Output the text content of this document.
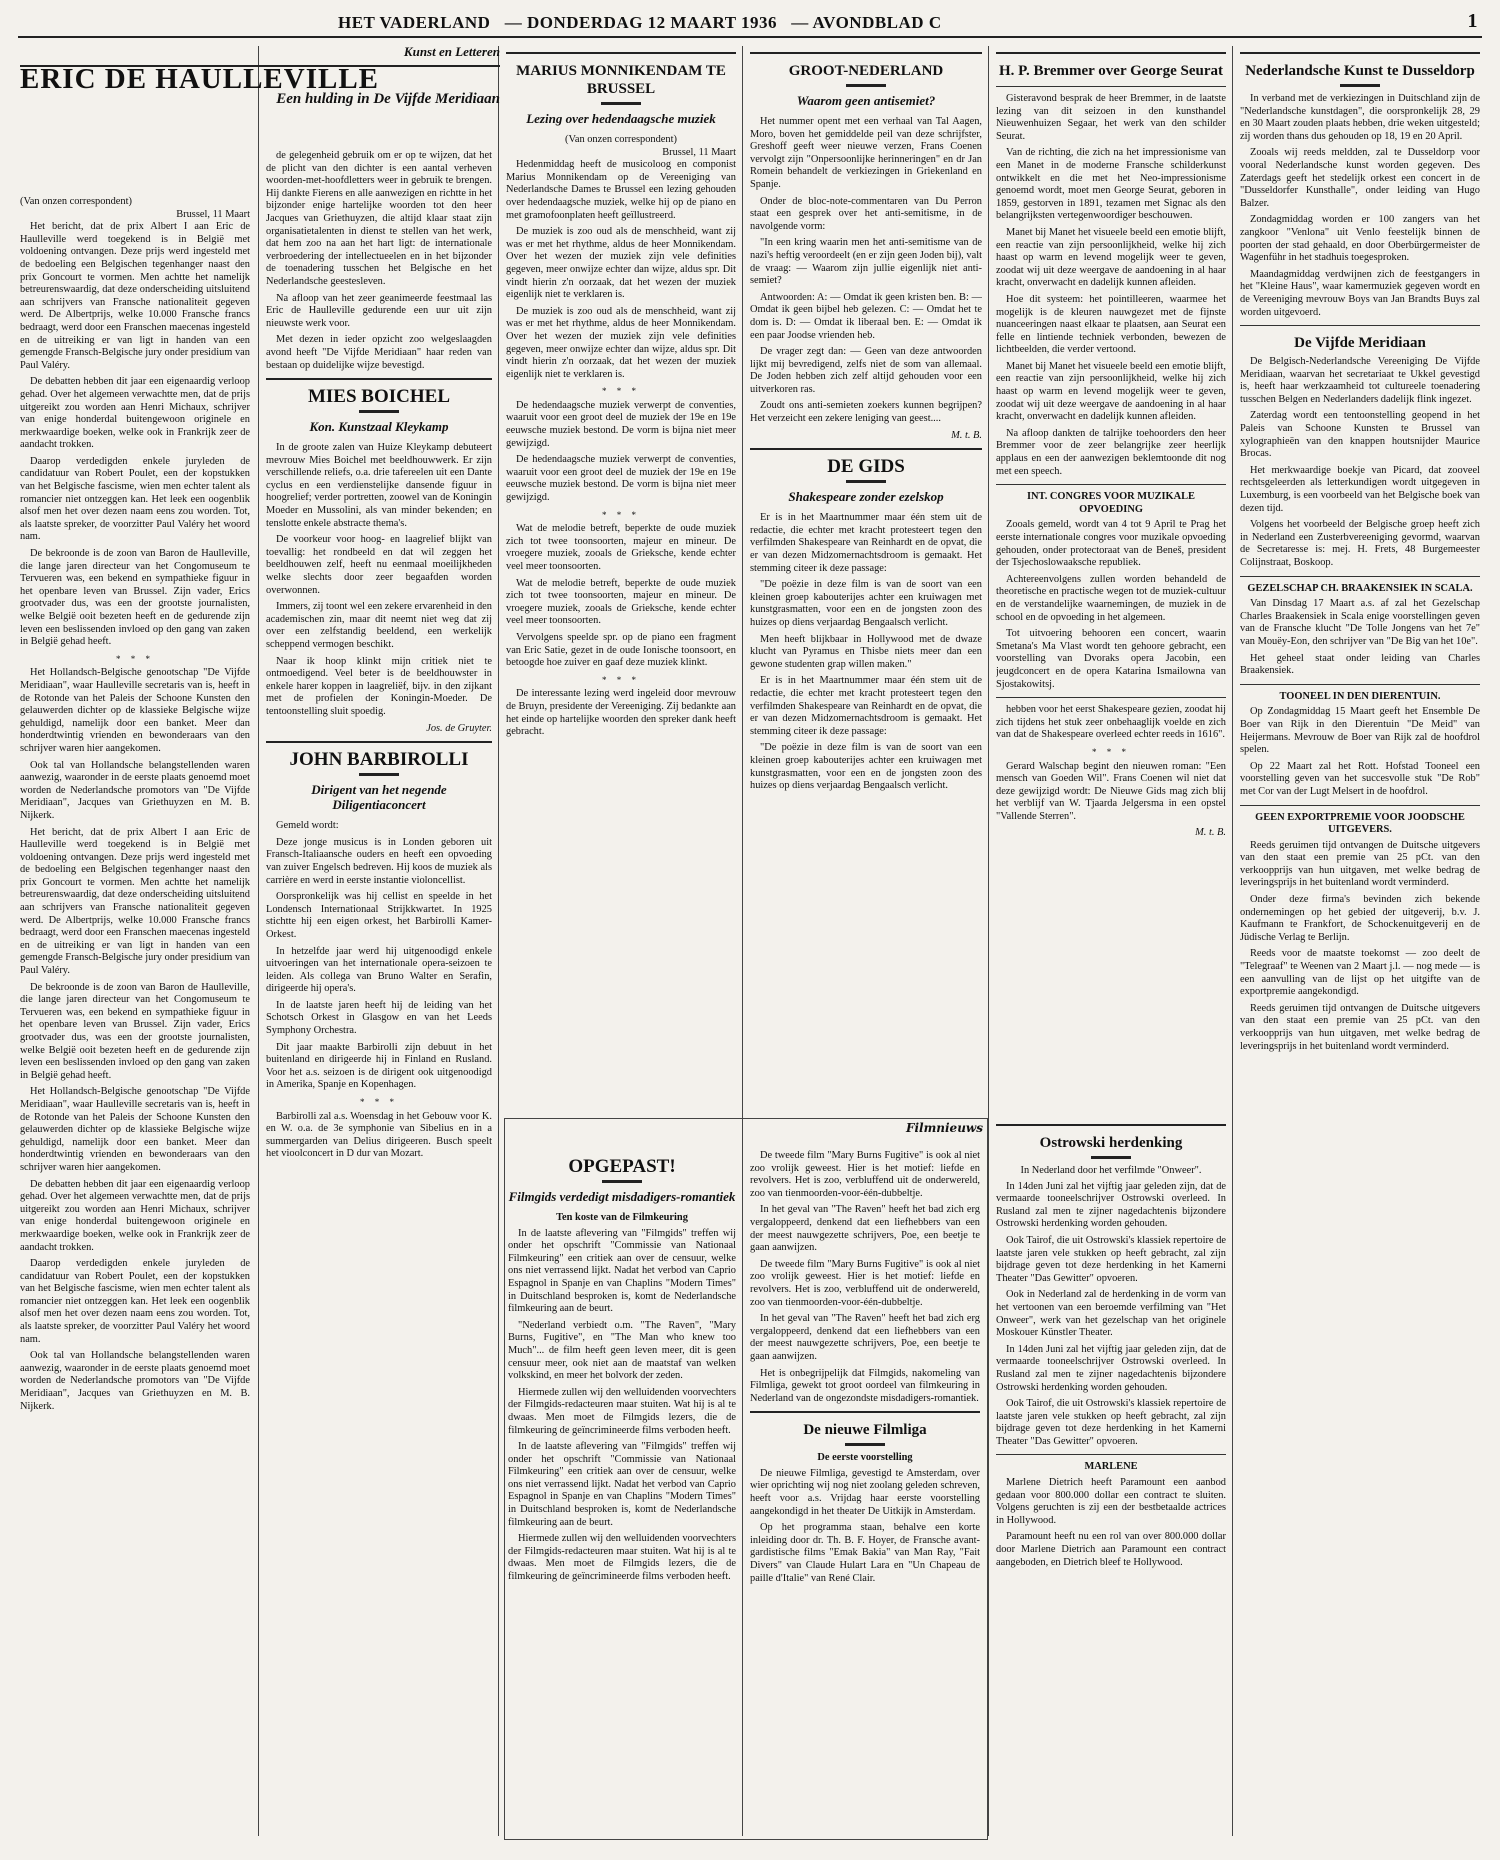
HET VADERLAND   — DONDERDAG 12 MAART 1936   — AVONDBLAD C	1
Kunst en Letteren
ERIC DE HAULLEVILLE
Een hulding in De Vijfde Meridiaan
(Van onzen correspondent)
Brussel, 11 Maart

Het bericht, dat de prix Albert I aan Eric de Haulleville werd toegekend is in België met voldoening ontvangen. Deze prijs werd ingesteld met de bedoeling een Belgischen tegenhanger naast den prix Goncourt te vormen. Men achtte het namelijk betreurenswaardig, dat deze onderscheiding uitsluitend aan schrijvers van Fransche nationaliteit gegeven werd. De Albertprijs, welke 10.000 Fransche francs bedraagt, werd door een Franschen maecenas ingesteld en de uitreiking er van ligt in handen van een gemengde Fransch-Belgische jury onder presidium van Paul Valéry.

De debatten hebben dit jaar een eigenaardig verloop gehad. Over het algemeen verwachtte men, dat de prijs uitgereikt zou worden aan Henri Michaux, schrijver van enige honderdal buitengewoon originele en merkwaardige boeken, welke ook in Frankrijk zeer de aandacht trokken.

Daarop verdedigden enkele juryleden de candidatuur van Robert Poulet, een der kopstukken van het Belgische fascisme, wien men echter talent als romancier niet ontzeggen kan. Het leek een oogenblik alsof men het over dezen naam eens zou worden. Tot, als laatste spreker, de voorzitter Paul Valéry het woord nam.

De bekroonde is de zoon van Baron de Haulleville, die lange jaren directeur van het Congomuseum te Tervueren was, een bekend en sympathieke figuur in het openbare leven van Brussel. Zijn vader, Erics grootvader dus, was een der grootste journalisten, welke België ooit bezeten heeft en de gedurende zijn leven een beslissenden invloed op den gang van zaken in België gehad heeft.

* * *

Het Hollandsch-Belgische genootschap "De Vijfde Meridiaan", waar Haulleville secretaris van is, heeft in de Rotonde van het Paleis der Schoone Kunsten den gelauwerden dichter op de klassieke Belgische wijze gehuldigd, namelijk door een banket. Meer dan honderdtwintig vrienden en bewonderaars van den schrijver waren hier aangekomen.

Ook tal van Hollandsche belangstellenden waren aanwezig, waaronder in de eerste plaats genoemd moet worden de Nederlandsche promotors van "De Vijfde Meridiaan", Jacques van Griethuyzen en M. B. Nijkerk.

Het bericht, dat de prix Albert I aan Eric de Haulleville werd toegekend is in België met voldoening ontvangen. Deze prijs werd ingesteld met de bedoeling een Belgischen tegenhanger naast den prix Goncourt te vormen. Men achtte het namelijk betreurenswaardig, dat deze onderscheiding uitsluitend aan schrijvers van Fransche nationaliteit gegeven werd. De Albertprijs, welke 10.000 Fransche francs bedraagt, werd door een Franschen maecenas ingesteld en de uitreiking er van ligt in handen van een gemengde Fransch-Belgische jury onder presidium van Paul Valéry.

De bekroonde is de zoon van Baron de Haulleville, die lange jaren directeur van het Congomuseum te Tervueren was, een bekend en sympathieke figuur in het openbare leven van Brussel. Zijn vader, Erics grootvader dus, was een der grootste journalisten, welke België ooit bezeten heeft en de gedurende zijn leven een beslissenden invloed op den gang van zaken in België gehad heeft.

Het Hollandsch-Belgische genootschap "De Vijfde Meridiaan", waar Haulleville secretaris van is, heeft in de Rotonde van het Paleis der Schoone Kunsten den gelauwerden dichter op de klassieke Belgische wijze gehuldigd, namelijk door een banket. Meer dan honderdtwintig vrienden en bewonderaars van den schrijver waren hier aangekomen.

De debatten hebben dit jaar een eigenaardig verloop gehad. Over het algemeen verwachtte men, dat de prijs uitgereikt zou worden aan Henri Michaux, schrijver van enige honderdal buitengewoon originele en merkwaardige boeken, welke ook in Frankrijk zeer de aandacht trokken.

Daarop verdedigden enkele juryleden de candidatuur van Robert Poulet, een der kopstukken van het Belgische fascisme, wien men echter talent als romancier niet ontzeggen kan. Het leek een oogenblik alsof men het over dezen naam eens zou worden. Tot, als laatste spreker, de voorzitter Paul Valéry het woord nam.

Ook tal van Hollandsche belangstellenden waren aanwezig, waaronder in de eerste plaats genoemd moet worden de Nederlandsche promotors van "De Vijfde Meridiaan", Jacques van Griethuyzen en M. B. Nijkerk.

de gelegenheid gebruik om er op te wijzen, dat het de plicht van den dichter is een aantal verheven woorden-met-hoofdletters weer in gebruik te brengen. Hij dankte Fierens en alle aanwezigen en richtte in het bijzonder enige hartelijke woorden tot den heer Jacques van Griethuyzen, die altijd klaar staat zijn organisatietalenten in dienst te stellen van het werk, dat hem zoo na aan het hart ligt: de internationale verbroedering der intellectueelen en in het bijzonder de toenadering tusschen het Belgische en het Nederlandsche geestesleven.

Na afloop van het zeer geanimeerde feestmaal las Eric de Haulleville gedurende een uur uit zijn nieuwste werk voor.

Met dezen in ieder opzicht zoo welgeslaagden avond heeft "De Vijfde Meridiaan" haar reden van bestaan op duidelijke wijze bevestigd.

MIES BOICHEL
Kon. Kunstzaal Kleykamp

In de groote zalen van Huize Kleykamp debuteert mevrouw Mies Boichel met beeldhouwwerk. Er zijn verschillende reliefs, o.a. drie tafereelen uit een Dante cyclus en een verdienstelijke dansende figuur in hoogrelief; verder portretten, zoowel van de Koningin Moeder en Mussolini, als van minder bekenden; en tenslotte enkele abstracte thema's.

De voorkeur voor hoog- en laagrelief blijkt van toevallig: het rondbeeld en dat wil zeggen het beeldhouwen zelf, heeft nu eenmaal moeilijkheden welke slechts door zeer begaafden worden overwonnen.

Immers, zij toont wel een zekere ervarenheid in den academischen zin, maar dit neemt niet weg dat zij over een zelfstandig beeldend, een werkelijk scheppend vermogen beschikt.

Naar ik hoop klinkt mijn critiek niet te ontmoedigend. Veel beter is de beeldhouwster in enkele harer koppen in laagreliëf, bijv. in den zijkant met de profielen der Koningin-Moeder. De tentoonstelling sluit spoedig.

Jos. de Gruyter.
JOHN BARBIROLLI
Dirigent van het negende Diligentiaconcert

Gemeld wordt:

Deze jonge musicus is in Londen geboren uit Fransch-Italiaansche ouders en heeft een opvoeding van zuiver Engelsch bedreven. Hij koos de muziek als carrière en werd in eerste instantie violoncellist.

Oorspronkelijk was hij cellist en speelde in het Londensch Internationaal Strijkkwartet. In 1925 stichtte hij een eigen orkest, het Barbirolli Kamer-Orkest.

In hetzelfde jaar werd hij uitgenoodigd enkele uitvoeringen van het internationale opera-seizoen te leiden. Als collega van Bruno Walter en Serafin, dirigeerde hij opera's.

In de laatste jaren heeft hij de leiding van het Schotsch Orkest in Glasgow en van het Leeds Symphony Orchestra.

Dit jaar maakte Barbirolli zijn debuut in het buitenland en dirigeerde hij in Finland en Rusland. Voor het a.s. seizoen is de dirigent ook uitgenoodigd in Amerika, Spanje en Kopenhagen.

* * *

Barbirolli zal a.s. Woensdag in het Gebouw voor K. en W. o.a. de 3e symphonie van Sibelius en in a summergarden van Delius dirigeeren. Busch speelt het vioolconcert in D dur van Mozart.

MARIUS MONNIKENDAM TE BRUSSEL
Lezing over hedendaagsche muziek
(Van onzen correspondent)
Brussel, 11 Maart

Hedenmiddag heeft de musicoloog en componist Marius Monnikendam op de Vereeniging van Nederlandsche Dames te Brussel een lezing gehouden over hedendaagsche muziek, welke hij op de piano en met gramofoonplaten heeft geïllustreerd.

De muziek is zoo oud als de menschheid, want zij was er met het rhythme, aldus de heer Monnikendam. Over het wezen der muziek zijn vele definities gegeven, meer onwijze echter dan wijze, aldus spr. Dit vindt hierin z'n oorzaak, dat het wezen der muziek eigenlijk niet te verklaren is.

De muziek is zoo oud als de menschheid, want zij was er met het rhythme, aldus de heer Monnikendam. Over het wezen der muziek zijn vele definities gegeven, meer onwijze echter dan wijze, aldus spr. Dit vindt hierin z'n oorzaak, dat het wezen der muziek eigenlijk niet te verklaren is.

* * *

De hedendaagsche muziek verwerpt de conventies, waaruit voor een groot deel de muziek der 19e en 19e eeuwsche muziek bestond. De vorm is bijna niet meer gewijzigd.

De hedendaagsche muziek verwerpt de conventies, waaruit voor een groot deel de muziek der 19e en 19e eeuwsche muziek bestond. De vorm is bijna niet meer gewijzigd.

* * *

Wat de melodie betreft, beperkte de oude muziek zich tot twee toonsoorten, majeur en mineur. De vroegere muziek, zooals de Grieksche, kende echter veel meer toonsoorten.

Wat de melodie betreft, beperkte de oude muziek zich tot twee toonsoorten, majeur en mineur. De vroegere muziek, zooals de Grieksche, kende echter veel meer toonsoorten.

Vervolgens speelde spr. op de piano een fragment van Eric Satie, gezet in de oude Ionische toonsoort, en betoogde hoe zuiver en gaaf deze muziek klinkt.

* * *

De interessante lezing werd ingeleid door mevrouw de Bruyn, presidente der Vereeniging. Zij bedankte aan het einde op hartelijke woorden den spreker dank heeft gebracht.

GROOT-NEDERLAND
Waarom geen antisemiet?

Het nummer opent met een verhaal van Tal Aagen, Moro, boven het gemiddelde peil van deze schrijfster, Greshoff geeft weer nieuwe verzen, Frans Coenen vervolgt zijn "Onpersoonlijke herinneringen" en dr Jan Romein behandelt de verkiezingen in Griekenland en Spanje.

Onder de bloc-note-commentaren van Du Perron staat een gesprek over het anti-semitisme, in de navolgende vorm:

"In een kring waarin men het anti-semitisme van de nazi's heftig veroordeelt (en er zijn geen Joden bij), valt de vraag: — Waarom zijn jullie eigenlijk niet anti-semiet?

Antwoorden: A: — Omdat ik geen kristen ben. B: — Omdat ik geen bijbel heb gelezen. C: — Omdat het te dom is. D: — Omdat ik liberaal ben. E: — Omdat ik een paar Joodse vrienden heb.

De vrager zegt dan: — Geen van deze antwoorden lijkt mij bevredigend, zelfs niet de som van allemaal. De Joden hebben zich zelf altijd gehouden voor een uitverkoren ras.

Zoudt ons anti-semieten zoekers kunnen begrijpen? Het verzeicht een zekere leniging van geest....

M. t. B.
DE GIDS
Shakespeare zonder ezelskop

Er is in het Maartnummer maar één stem uit de redactie, die echter met kracht protesteert tegen den verfilmden Shakespeare van Reinhardt en de opvat, die er van dezen Midzomernachtsdroom is gemaakt. Het stemming citeer ik deze passage:

"De poëzie in deze film is van de soort van een kleinen groep kabouterijes achter een kruiwagen met kunstgrasmatten, voor een en de jongsten zoon des huizes op diens verjaardag Bengaalsch verlicht.

Men heeft blijkbaar in Hollywood met de dwaze klucht van Pyramus en Thisbe niets meer dan een gewone studenten grap willen maken."

Er is in het Maartnummer maar één stem uit de redactie, die echter met kracht protesteert tegen den verfilmden Shakespeare van Reinhardt en de opvat, die er van dezen Midzomernachtsdroom is gemaakt. Het stemming citeer ik deze passage:

"De poëzie in deze film is van de soort van een kleinen groep kabouterijes achter een kruiwagen met kunstgrasmatten, voor een en de jongsten zoon des huizes op diens verjaardag Bengaalsch verlicht.

H. P. Bremmer over George Seurat

Gisteravond besprak de heer Bremmer, in de laatste lezing van dit seizoen in den kunsthandel Nieuwenhuizen Segaar, het werk van den schilder Seurat.

Van de richting, die zich na het impressionisme van een Manet in de moderne Fransche schilderkunst ontwikkelt en die met het Neo-impressionisme genoemd wordt, moet men George Seurat, geboren in 1859, gestorven in 1891, tezamen met Signac als den belangrijksten vertegenwoordiger beschouwen.

Manet bij Manet het visueele beeld een emotie blijft, een reactie van zijn persoonlijkheid, welke hij zich haast op warm en levend mogelijk weer te geven, zoodat wij uit deze weergave de aandoening in al haar kracht, onverwacht en dadelijk kunnen afleiden.

Hoe dit systeem: het pointilleeren, waarmee het mogelijk is de kleuren nauwgezet met de fijnste nuanceeringen naast elkaar te plaatsen, aan Seurat een felle en lintiende techniek verbonden, bewezen de lichtbeelden, die verder vertoond.

Manet bij Manet het visueele beeld een emotie blijft, een reactie van zijn persoonlijkheid, welke hij zich haast op warm en levend mogelijk weer te geven, zoodat wij uit deze weergave de aandoening in al haar kracht, onverwacht en dadelijk kunnen afleiden.

Na afloop dankten de talrijke toehoorders den heer Bremmer voor de zeer belangrijke zeer heerlijk applaus en een der aanwezigen beklemtoonde dit nog met een speech.

INT. CONGRES VOOR MUZIKALE OPVOEDING

Zooals gemeld, wordt van 4 tot 9 April te Prag het eerste internationale congres voor muzikale opvoeding gehouden, onder protectoraat van de Beneš, president der Tsjechoslowaaksche republiek.

Achtereenvolgens zullen worden behandeld de theoretische en practische wegen tot de muziek-cultuur en de verstandelijke waarnemingen, de muziek in de school en de opvoeding in het algemeen.

Tot uitvoering behooren een concert, waarin Smetana's Ma Vlast wordt ten gehoore gebracht, een voorstelling van Dvoraks opera Jacobin, een jeugdconcert en de opera Katarina Ismailowna van Sjostakowitsj.

hebben voor het eerst Shakespeare gezien, zoodat hij zich tijdens het stuk zeer onbehaaglijk voelde en zich van dat de Shakespeare overleed echter reeds in 1616".

* * *

Gerard Walschap begint den nieuwen roman: "Een mensch van Goeden Wil". Frans Coenen wil niet dat deze gewijzigd wordt: De Nieuwe Gids mag zich blij het verblijf van W. Tjaarda Jelgersma in een opstel "Vallende Sterren".

M. t. B.
Nederlandsche Kunst te Dusseldorp

In verband met de verkiezingen in Duitschland zijn de "Nederlandsche kunstdagen", die oorspronkelijk 28, 29 en 30 Maart zouden plaats hebben, drie weken uitgesteld; zij worden thans dus gehouden op 18, 19 en 20 April.

Zooals wij reeds meldden, zal te Dusseldorp voor vooral Nederlandsche kunst worden gegeven. Des Zaterdags geeft het stedelijk orkest een concert in de "Dusseldorfer Kunsthalle", onder leiding van Hugo Balzer.

Zondagmiddag worden er 100 zangers van het zangkoor "Venlona" uit Venlo feestelijk binnen de poorten der stad gehaald, en door Oberbürgermeister de Wagenführ in het stadhuis toegesproken.

Maandagmiddag verdwijnen zich de feestgangers in het "Kleine Haus", waar kamermuziek gegeven wordt en de Vereeniging mevrouw Boys van Jan Brandts Buys zal worden uitgevoerd.

De Vijfde Meridiaan

De Belgisch-Nederlandsche Vereeniging De Vijfde Meridiaan, waarvan het secretariaat te Ukkel gevestigd is, heeft haar werkzaamheid tot cultureele toenadering tusschen Belgen en Nederlanders dadelijk flink ingezet.

Zaterdag wordt een tentoonstelling geopend in het Paleis van Schoone Kunsten te Brussel van xylographieën van den knappen houtsnijder Maurice Brocas.

Het merkwaardige boekje van Picard, dat zooveel rechtsgeleerden als letterkundigen wordt uitgegeven in Luxemburg, is een voorbeeld van het Belgische boek van dezen tijd.

Volgens het voorbeeld der Belgische groep heeft zich in Nederland een Zusterbvereeniging gevormd, waarvan de Secretaresse is: mej. H. Frets, 48 Burgemeester Colijnstraat, Boskoop.

GEZELSCHAP CH. BRAAKENSIEK IN SCALA.

Van Dinsdag 17 Maart a.s. af zal het Gezelschap Charles Braakensiek in Scala enige voorstellingen geven van de Fransche klucht "De Tolle Jongens van het 7e" van Mouëy-Eon, den schrijver van "De Big van het 10e".

Het geheel staat onder leiding van Charles Braakensiek.

TOONEEL IN DEN DIERENTUIN.

Op Zondagmiddag 15 Maart geeft het Ensemble De Boer van Rijk in den Dierentuin "De Meid" van Heijermans. Mevrouw de Boer van Rijk zal de hoofdrol spelen.

Op 22 Maart zal het Rott. Hofstad Tooneel een voorstelling geven van het succesvolle stuk "De Rob" met Cor van der Lugt Melsert in de hoofdrol.

GEEN EXPORTPREMIE VOOR JOODSCHE UITGEVERS.

Reeds geruimen tijd ontvangen de Duitsche uitgevers van den staat een premie van 25 pCt. van den verkoopprijs van hun uitgaven, met welke bedrag de leveringsprijs in het buitenland wordt verminderd.

Onder deze firma's bevinden zich bekende ondernemingen op het gebied der uitgeverij, b.v. J. Kaufmann te Frankfort, de Schockenuitgeverij en de Jüdische Verlag te Berlijn.

Reeds voor de maatste toekomst — zoo deelt de "Telegraaf" te Weenen van 2 Maart j.l. — nog mede — is een aanvulling van de lijst op het uitgifte van de exportpremie aangekondigd.

Reeds geruimen tijd ontvangen de Duitsche uitgevers van den staat een premie van 25 pCt. van den verkoopprijs van hun uitgaven, met welke bedrag de leveringsprijs in het buitenland wordt verminderd.

Filmnieuws
OPGEPAST!
Filmgids verdedigt misdadigers-romantiek
Ten koste van de Filmkeuring

In de laatste aflevering van "Filmgids" treffen wij onder het opschrift "Commissie van Nationaal Filmkeuring" een critiek aan over de censuur, welke ons niet verrassend lijkt. Nadat het verbod van Caprio Espagnol in Spanje en van Chaplins "Modern Times" in Duitschland besproken is, komt de Nederlandsche filmkeuring aan de beurt.

"Nederland verbiedt o.m. "The Raven", "Mary Burns, Fugitive", en "The Man who knew too Much"... de film heeft geen leven meer, dit is geen censuur meer, ook niet aan de maatstaf van welken volkskind, en meer het bolvork der zeden.

Hiermede zullen wij den welluidenden voorvechters der Filmgids-redacteuren maar stuiten. Wat hij is al te dwaas. Men moet de Filmgids lezers, die de filmkeuring de geïncrimineerde films verboden heeft.

In de laatste aflevering van "Filmgids" treffen wij onder het opschrift "Commissie van Nationaal Filmkeuring" een critiek aan over de censuur, welke ons niet verrassend lijkt. Nadat het verbod van Caprio Espagnol in Spanje en van Chaplins "Modern Times" in Duitschland besproken is, komt de Nederlandsche filmkeuring aan de beurt.

Hiermede zullen wij den welluidenden voorvechters der Filmgids-redacteuren maar stuiten. Wat hij is al te dwaas. Men moet de Filmgids lezers, die de filmkeuring de geïncrimineerde films verboden heeft.

De tweede film "Mary Burns Fugitive" is ook al niet zoo vrolijk geweest. Hier is het motief: liefde en revolvers. Het is zoo, verbluffend uit de onderwereld, zoo van tienmoorden-voor-één-dubbeltje.

In het geval van "The Raven" heeft het bad zich erg vergaloppeerd, denkend dat een liefhebbers van een der meest nauwgezette schrijvers, Poe, een beetje te gaan aanwijzen.

De tweede film "Mary Burns Fugitive" is ook al niet zoo vrolijk geweest. Hier is het motief: liefde en revolvers. Het is zoo, verbluffend uit de onderwereld, zoo van tienmoorden-voor-één-dubbeltje.

In het geval van "The Raven" heeft het bad zich erg vergaloppeerd, denkend dat een liefhebbers van een der meest nauwgezette schrijvers, Poe, een beetje te gaan aanwijzen.

Het is onbegrijpelijk dat Filmgids, nakomeling van Filmliga, gewekt tot groot oordeel van filmkeuring in Nederland van de ongezondste misdadigers-romantiek.

De nieuwe Filmliga
De eerste voorstelling

De nieuwe Filmliga, gevestigd te Amsterdam, over wier oprichting wij nog niet zoolang geleden schreven, heeft voor a.s. Vrijdag haar eerste voorstelling aangekondigd in het theater De Uitkijk in Amsterdam.

Op het programma staan, behalve een korte inleiding door dr. Th. B. F. Hoyer, de Fransche avant-gardistische films "Emak Bakia" van Man Ray, "Fait Divers" van Claude Hulart Lara en "Un Chapeau de paille d'Italie" van René Clair.

Ostrowski herdenking
In Nederland door het verfilmde "Onweer".

In 14den Juni zal het vijftig jaar geleden zijn, dat de vermaarde tooneelschrijver Ostrowski overleed. In Rusland zal men te zijner nagedachtenis bijzondere Ostrowski herdenking worden gehouden.

Ook Tairof, die uit Ostrowski's klassiek repertoire de laatste jaren vele stukken op heeft gebracht, zal zijn bijdrage geven tot deze herdenking in het Kamerni Theater "Das Gewitter" opvoeren.

Ook in Nederland zal de herdenking in de vorm van het vertoonen van een beroemde verfilming van "Het Onweer", werk van het gezelschap van het originele Moskouer Künstler Theater.

In 14den Juni zal het vijftig jaar geleden zijn, dat de vermaarde tooneelschrijver Ostrowski overleed. In Rusland zal men te zijner nagedachtenis bijzondere Ostrowski herdenking worden gehouden.

Ook Tairof, die uit Ostrowski's klassiek repertoire de laatste jaren vele stukken op heeft gebracht, zal zijn bijdrage geven tot deze herdenking in het Kamerni Theater "Das Gewitter" opvoeren.

MARLENE

Marlene Dietrich heeft Paramount een aanbod gedaan voor 800.000 dollar een contract te sluiten. Volgens geruchten is zij een der bestbetaalde actrices in Hollywood.

Paramount heeft nu een rol van over 800.000 dollar door Marlene Dietrich aan Paramount een contract aangeboden, en Dietrich bleef te Hollywood.
